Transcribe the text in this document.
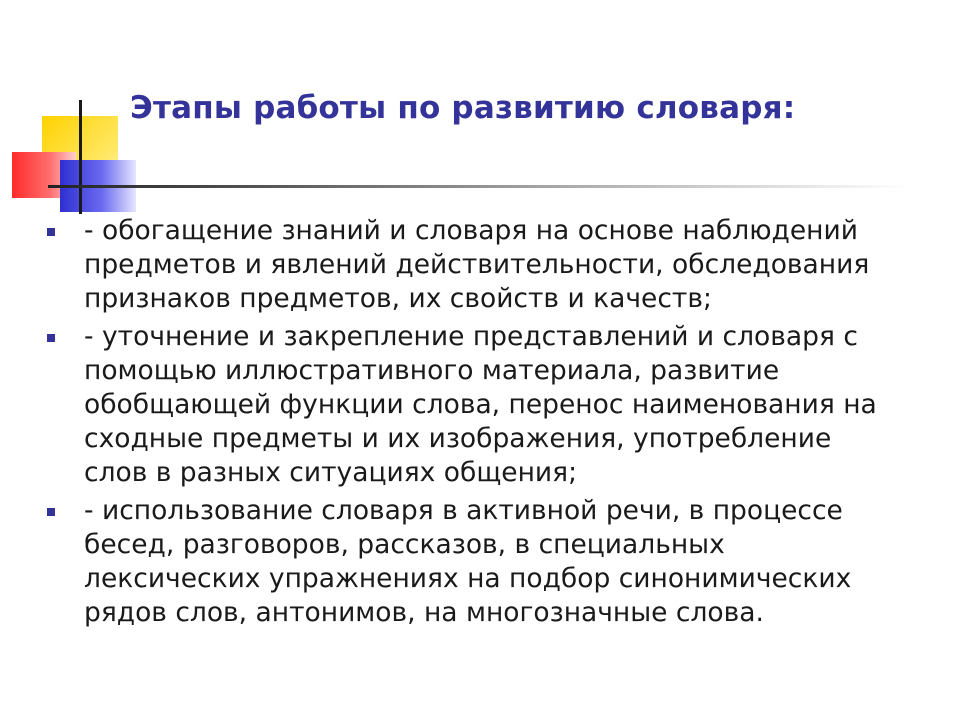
Этапы работы по развитию словаря:
- обогащение знаний и словаря на основе наблюдений
предметов и явлений действительности, обследования
признаков предметов, их свойств и качеств;
- уточнение и закрепление представлений и словаря с
помощью иллюстративного материала, развитие
обобщающей функции слова, перенос наименования на
сходные предметы и их изображения, употребление
слов в разных ситуациях общения;
- использование словаря в активной речи, в процессе
бесед, разговоров, рассказов, в специальных
лексических упражнениях на подбор синонимических
рядов слов, антонимов, на многозначные слова.
